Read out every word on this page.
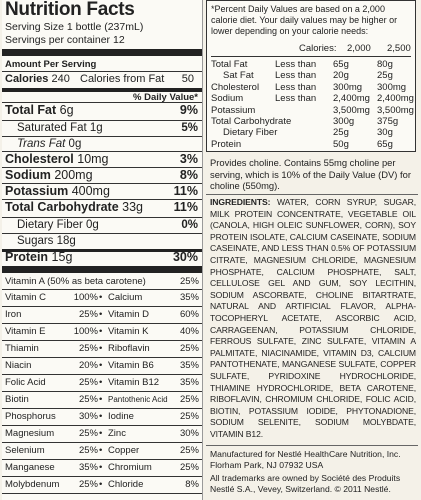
Nutrition Facts
Serving Size 1 bottle (237mL)
Servings per container 12
Amount Per Serving
Calories 240 Calories from Fat 50
% Daily Value*
Total Fat 6g	9%
Saturated Fat 1g	5%
Trans Fat 0g
Cholesterol 10mg	3%
Sodium 200mg	8%
Potassium 400mg	11%
Total Carbohydrate 33g 11%
Dietary Fiber 0g	0%
Sugars 18g
Protein 15g	30%
Vitamin A (50% as beta carotene)	25%
Vitamin C	100% • Calcium	35%
Iron	25% • Vitamin D	60%
Vitamin E	100% • Vitamin K	40%
Thiamin	25% • Riboflavin	25%
Niacin	20% • Vitamin B6	35%
Folic Acid	25% • Vitamin B12 35%
Biotin	25% • Pantothenic Acid 25%
Phosphorus 30% • Iodine	25%
Magnesium	25% • Zinc	30%
Selenium	25% • Copper	25%
Manganese	35% • Chromium	25%
Molybdenum 25% • Chloride	8%
*Percent Daily Values are based on a 2,000 calorie diet. Your daily values may be higher or lower depending on your calorie needs:
Calories: 2,000 2,500
Total Fat	Less than 65g	80g
Sat Fat Less than 20g	25g
Cholesterol Less than 300mg 300mg
Sodium	Less than 2,400mg 2,400mg
Potassium	3,500mg 3,500mg
Total Carbohydrate	300g 375g
Dietary Fiber	25g	30g
Protein	50g	65g
Provides choline. Contains 55mg choline per serving, which is 10% of the Daily Value (DV) for choline (550mg).
INGREDIENTS: WATER, CORN SYRUP, SUGAR, MILK PROTEIN CONCENTRATE, VEGETABLE OIL (CANOLA, HIGH OLEIC SUNFLOWER, CORN), SOY PROTEIN ISOLATE, CALCIUM CASEINATE, SODIUM CASEINATE, AND LESS THAN 0.5% OF POTASSIUM CITRATE, MAGNESIUM CHLORIDE, MAGNESIUM PHOSPHATE, CALCIUM PHOSPHATE, SALT, CELLULOSE GEL AND GUM, SOY LECITHIN, SODIUM ASCORBATE, CHOLINE BITARTRATE, NATURAL AND ARTIFICIAL FLAVOR, ALPHA-TOCOPHERYL ACETATE, ASCORBIC ACID, CARRAGEENAN, POTASSIUM CHLORIDE, FERROUS SULFATE, ZINC SULFATE, VITAMIN A PALMITATE, NIACINAMIDE, VITAMIN D3, CALCIUM PANTOTHENATE, MANGANESE SULFATE, COPPER SULFATE, PYRIDOXINE HYDROCHLORIDE, THIAMINE HYDROCHLORIDE, BETA CAROTENE, RIBOFLAVIN, CHROMIUM CHLORIDE, FOLIC ACID, BIOTIN, POTASSIUM IODIDE, PHYTONADIONE, SODIUM SELENITE, SODIUM MOLYBDATE, VITAMIN B12.
Manufactured for Nestlé HealthCare Nutrition, Inc. Florham Park, NJ 07932 USA
All trademarks are owned by Société des Produits Nestlé S.A., Vevey, Switzerland. © 2011 Nestlé.
